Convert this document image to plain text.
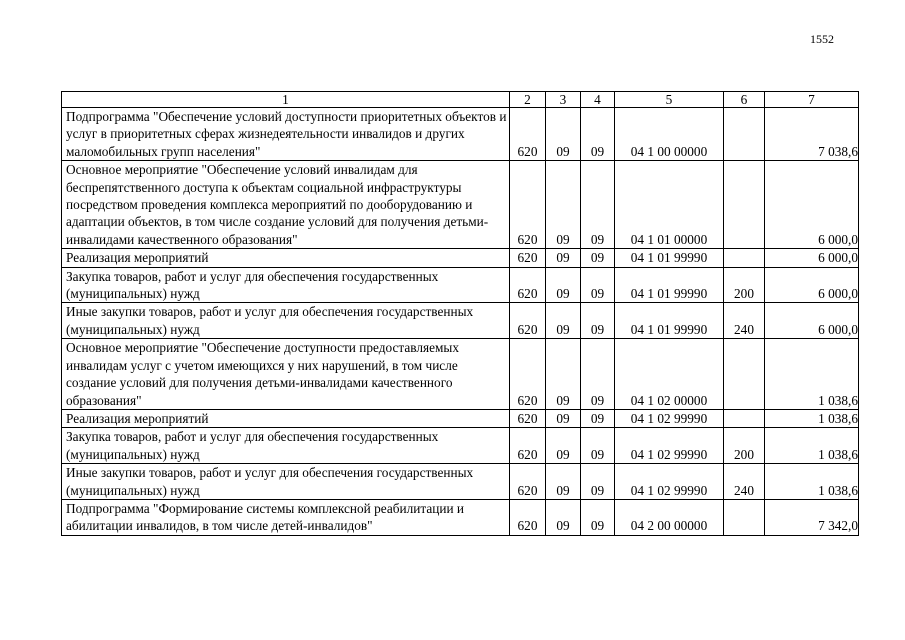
1552
1	2	3	4	5	6	7
Подпрограмма "Обеспечение условий доступности приоритетных объектов и услуг в приоритетных сферах жизнедеятельности инвалидов и других маломобильных групп населения"	620	09	09	04 1 00 00000		7 038,6
Основное мероприятие "Обеспечение условий инвалидам для беспрепятственного доступа к объектам социальной инфраструктуры посредством проведения комплекса мероприятий по дооборудованию и адаптации объектов, в том числе создание условий для получения детьми-инвалидами качественного образования"	620	09	09	04 1 01 00000		6 000,0
Реализация мероприятий	620	09	09	04 1 01 99990		6 000,0
Закупка товаров, работ и услуг для обеспечения государственных (муниципальных) нужд	620	09	09	04 1 01 99990	200	6 000,0
Иные закупки товаров, работ и услуг для обеспечения государственных (муниципальных) нужд	620	09	09	04 1 01 99990	240	6 000,0
Основное мероприятие "Обеспечение доступности предоставляемых инвалидам услуг с учетом имеющихся у них нарушений, в том числе создание условий для получения детьми-инвалидами качественного образования"	620	09	09	04 1 02 00000		1 038,6
Реализация мероприятий	620	09	09	04 1 02 99990		1 038,6
Закупка товаров, работ и услуг для обеспечения государственных (муниципальных) нужд	620	09	09	04 1 02 99990	200	1 038,6
Иные закупки товаров, работ и услуг для обеспечения государственных (муниципальных) нужд	620	09	09	04 1 02 99990	240	1 038,6
Подпрограмма "Формирование системы комплексной реабилитации и абилитации инвалидов, в том числе детей-инвалидов"	620	09	09	04 2 00 00000		7 342,0
